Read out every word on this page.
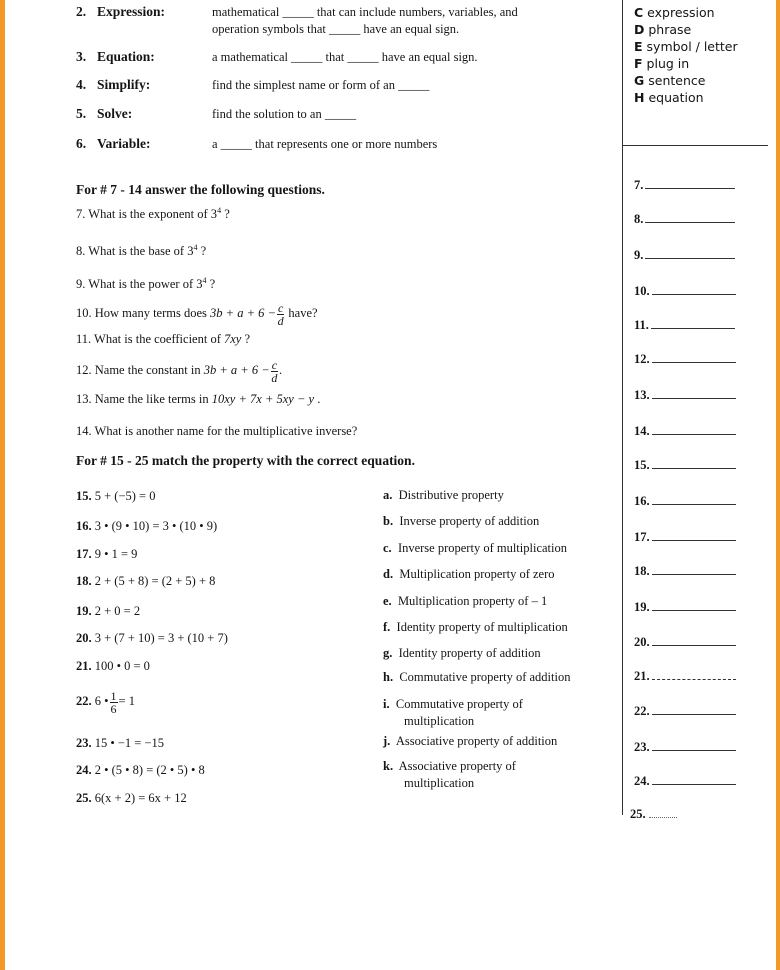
2. Expression:	mathematical _____ that can include numbers, variables, and
operation symbols that _____ have an equal sign.
3. Equation:	a mathematical _____ that _____ have an equal sign.
4. Simplify:	find the simplest name or form of an _____
5. Solve:	find the solution to an _____
6. Variable:	a _____ that represents one or more numbers
C expression
D phrase
E symbol / letter
F plug in
G sentence
H equation
For # 7 - 14 answer the following questions.
7. What is the exponent of $3^4$ ?
8. What is the base of $3^4$ ?
9. What is the power of $3^4$ ?
10. How many terms does $3b + a + 6 - \frac{c}{d}$ have?
11. What is the coefficient of 7xy ?
12. Name the constant in $3b + a + 6 - \frac{c}{d}$ .
13. Name the like terms in 10xy + 7x + 5xy − y .
14. What is another name for the multiplicative inverse?
For # 15 - 25 match the property with the correct equation.
15. 5 + (−5) = 0
16. 3 • (9 • 10) = 3 • (10 • 9)
17. 9 • 1 = 9
18. 2 + (5 + 8) = (2 + 5) + 8
19. 2 + 0 = 2
20. 3 + (7 + 10) = 3 + (10 + 7)
21. 100 • 0 = 0
22. 6 • $\frac{1}{6} = 1$
23. 15 • −1 = −15
24. 2 • (5 • 8) = (2 • 5) • 8
25. 6(x + 2) = 6x + 12
a. Distributive property
b. Inverse property of addition
c. Inverse property of multiplication
d. Multiplication property of zero
e. Multiplication property of – 1
f. Identity property of multiplication
g. Identity property of addition
h. Commutative property of addition
i. Commutative property of
multiplication
j. Associative property of addition
k. Associative property of
multiplication
7.
8.
9.
10.
11.
12.
13.
14.
15.
16.
17.
18.
19.
20.
21.
22.
23.
24.
25.
